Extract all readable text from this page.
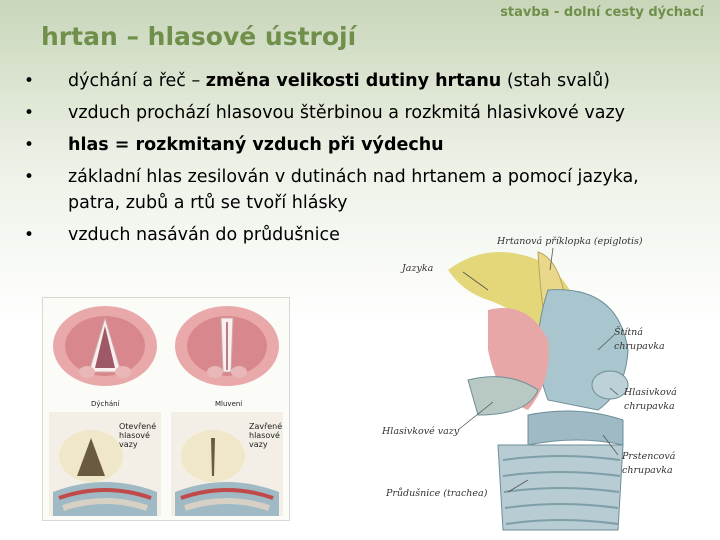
stavba - dolní cesty dýchací
hrtan – hlasové ústrojí
• dýchání a řeč – změna velikosti dutiny hrtanu (stah svalů)
• vzduch prochází hlasovou štěrbinou a rozkmitá hlasivkové vazy
• hlas = rozkmitaný vzduch při výdechu
• základní hlas zesilován v dutinách nad hrtanem a pomocí jazyka, patra, zubů a rtů se tvoří hlásky
• vzduch nasáván do průdušnice
Dýchání	Mluvení
Otevřené hlasové vazy
Zavřené hlasové vazy
Hrtanová příklopka (epiglotis)
Jazyka
Štítná chrupavka
Hlasivková chrupavka
Hlasivkové vazy
Prstencová chrupavka
Průdušnice (trachea)
